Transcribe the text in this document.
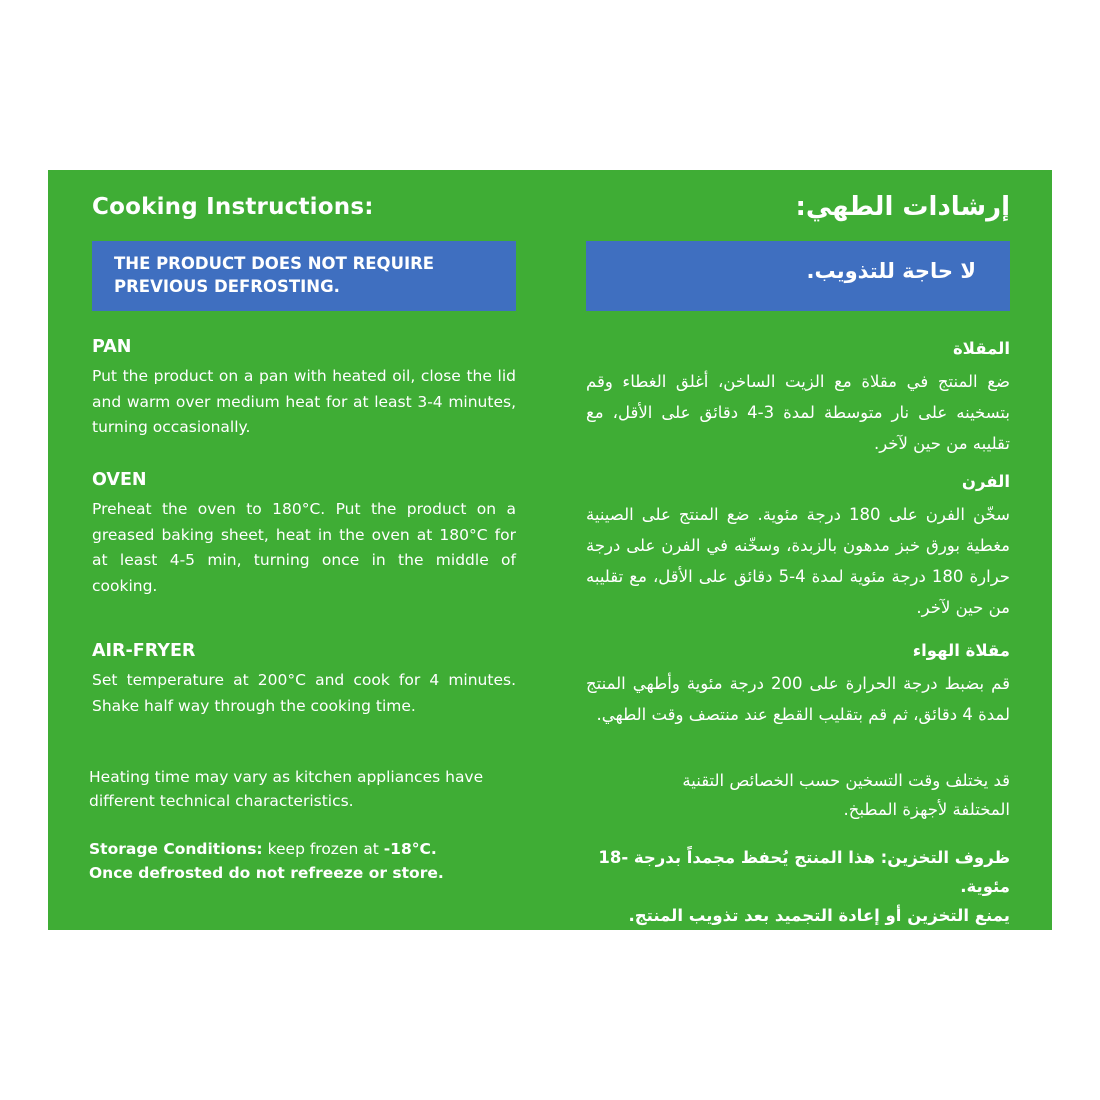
Cooking Instructions:
THE PRODUCT DOES NOT REQUIRE
PREVIOUS DEFROSTING.
PAN

Put the product on a pan with heated oil, close the lid and warm over medium heat for at least 3-4 minutes, turning occasionally.

OVEN

Preheat the oven to 180°C. Put the product on a greased baking sheet, heat in the oven at 180°C for at least 4-5 min, turning once in the middle of cooking.

AIR-FRYER

Set temperature at 200°C and cook for 4 minutes. Shake half way through the cooking time.

Heating time may vary as kitchen appliances have different technical characteristics.
Storage Conditions: keep frozen at -18°C.
Once defrosted do not refreeze or store.
إرشادات الطهي:
لا حاجة للتذويب.
المقلاة

ضع المنتج في مقلاة مع الزيت الساخن، أغلق الغطاء وقم بتسخينه على نار متوسطة لمدة 3-4 دقائق على الأقل، مع تقليبه من حين لآخر.

الفرن

سخّن الفرن على 180 درجة مئوية. ضع المنتج على الصينية مغطية بورق خبز مدهون بالزبدة، وسخّنه في الفرن على درجة حرارة 180 درجة مئوية لمدة 4-5 دقائق على الأقل، مع تقليبه من حين لآخر.

مقلاة الهواء

قم بضبط درجة الحرارة على 200 درجة مئوية وأطهي المنتج لمدة 4 دقائق، ثم قم بتقليب القطع عند منتصف وقت الطهي.

قد يختلف وقت التسخين حسب الخصائص التقنية المختلفة لأجهزة المطبخ.
ظروف التخزين: هذا المنتج يُحفظ مجمداً بدرجة -18 مئوية.
يمنع التخزين أو إعادة التجميد بعد تذويب المنتج.
